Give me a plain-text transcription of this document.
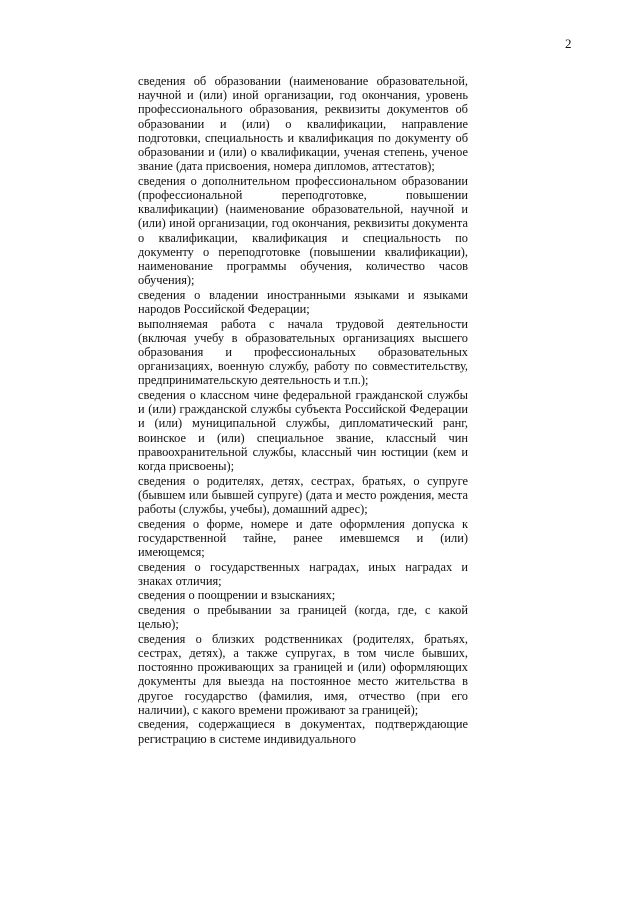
2

сведения об образовании (наименование образовательной, научной и (или) иной организации, год окончания, уровень профессионального образования, реквизиты документов об образовании и (или) о квалификации, направление подготовки, специальность и квалификация по документу об образовании и (или) о квалификации, ученая степень, ученое звание (дата присвоения, номера дипломов, аттестатов);

сведения о дополнительном профессиональном образовании (профессиональной переподготовке, повышении квалификации) (наименование образовательной, научной и (или) иной организации, год окончания, реквизиты документа о квалификации, квалификация и специальность по документу о переподготовке (повышении квалификации), наименование программы обучения, количество часов обучения);

сведения о владении иностранными языками и языками народов Российской Федерации;

выполняемая работа с начала трудовой деятельности (включая учебу в образовательных организациях высшего образования и профессиональных образовательных организациях, военную службу, работу по совместительству, предпринимательскую деятельность и т.п.);

сведения о классном чине федеральной гражданской службы и (или) гражданской службы субъекта Российской Федерации и (или) муниципальной службы, дипломатический ранг, воинское и (или) специальное звание, классный чин правоохранительной службы, классный чин юстиции (кем и когда присвоены);

сведения о родителях, детях, сестрах, братьях, о супруге (бывшем или бывшей супруге) (дата и место рождения, места работы (службы, учебы), домашний адрес);

сведения о форме, номере и дате оформления допуска к государственной тайне, ранее имевшемся и (или) имеющемся;

сведения о государственных наградах, иных наградах и знаках отличия;

сведения о поощрении и взысканиях;

сведения о пребывании за границей (когда, где, с какой целью);

сведения о близких родственниках (родителях, братьях, сестрах, детях), а также супругах, в том числе бывших, постоянно проживающих за границей и (или) оформляющих документы для выезда на постоянное место жительства в другое государство (фамилия, имя, отчество (при его наличии), с какого времени проживают за границей);

сведения, содержащиеся в документах, подтверждающие регистрацию в системе индивидуального
